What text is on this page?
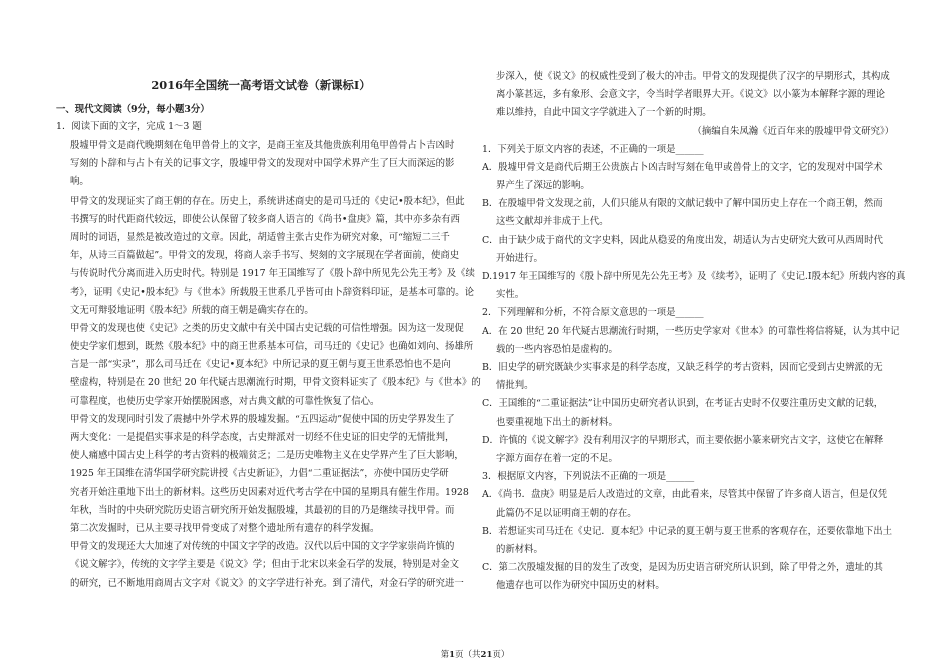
2016年全国统一高考语文试卷（新课标Ⅰ）
一、现代文阅读（9分，每小题3分）
1．阅读下面的文字，完成 1～3 题
殷墟甲骨文是商代晚期刻在龟甲兽骨上的文字，是商王室及其他贵族利用龟甲兽骨占卜吉凶时
写刻的卜辞和与占卜有关的记事文字，殷墟甲骨文的发现对中国学术界产生了巨大而深远的影
响。
甲骨文的发现证实了商王朝的存在。历史上，系统讲述商史的是司马迁的《史记•殷本纪》，但此
书撰写的时代距商代较远，即使公认保留了较多商人语言的《尚书•盘庚》篇，其中亦多杂有西
周时的词语，显然是被改造过的文章。因此，胡适曾主张古史作为研究对象，可“缩短二三千
年，从诗三百篇做起”。甲骨文的发现，将商人亲手书写、契刻的文字展现在学者面前，使商史
与传说时代分离而进入历史时代。特别是 1917 年王国维写了《殷卜辞中所见先公先王考》及《续
考》，证明《史记•殷本纪》与《世本》所载殷王世系几乎皆可由卜辞资料印证，是基本可靠的。论
文无可辩驳地证明《殷本纪》所载的商王朝是确实存在的。
甲骨文的发现也使《史记》之类的历史文献中有关中国古史记载的可信性增强。因为这一发现促
使史学家们想到，既然《殷本纪》中的商王世系基本可信，司马迁的《史记》也确如刘向、扬雄所
言是一部“实录”，那么司马迁在《史记•夏本纪》中所记录的夏王朝与夏王世系恐怕也不是向
壁虚构，特别是在 20 世纪 20 年代疑古思潮流行时期，甲骨文资料证实了《殷本纪》与《世本》的
可靠程度，也使历史学家开始摆脱困惑，对古典文献的可靠性恢复了信心。
甲骨文的发现同时引发了震撼中外学术界的殷墟发掘。“五四运动”促使中国的历史学界发生了
两大变化：一是提倡实事求是的科学态度，古史辩派对一切经不住史证的旧史学的无情批判，
使人痛感中国古史上科学的考古资料的极端贫乏；二是历史唯物主义在史学界产生了巨大影响，
1925 年王国维在清华国学研究院讲授《古史新证》，力倡“二重证据法”，亦使中国历史学研
究者开始注重地下出土的新材料。这些历史因素对近代考古学在中国的星期具有催生作用。1928
年秋，当时的中央研究院历史语言研究所开始发掘殷墟，其最初的目的乃是继续寻找甲骨。而
第二次发掘时，已从主要寻找甲骨变成了对整个遗址所有遗存的科学发掘。
甲骨文的发现还大大加速了对传统的中国文字学的改造。汉代以后中国的文字学家崇尚许慎的
《说文解字》，传统的文字学主要是《说文》学；但由于北宋以来金石学的发展，特别是对金文
的研究，已不断地用商周古文字对《说文》的文字学进行补充。到了清代，对金石学的研究进一
步深入，使《说文》的权威性受到了极大的冲击。甲骨文的发现提供了汉字的早期形式，其构成
离小篆甚远，多有象形、会意文字，令当时学者眼界大开。《说文》以小篆为本解释字源的理论
难以维持，自此中国文字学就进入了一个新的时期。
（摘编自朱凤瀚《近百年来的殷墟甲骨文研究》）
1．下列关于原文内容的表述，不正确的一项是______
A．殷墟甲骨文是商代后期王公贵族占卜凶吉时写刻在龟甲或兽骨上的文字，它的发现对中国学术
界产生了深远的影响。
B．在殷墟甲骨文发现之前，人们只能从有限的文献记载中了解中国历史上存在一个商王朝，然而
这些文献却并非成于上代。
C．由于缺少成于商代的文字史料，因此从稳妥的角度出发，胡适认为古史研究大致可从西周时代
开始进行。
D.1917 年王国维写的《殷卜辞中所见先公先王考》及《续考》，证明了《史记.I殷本纪》所载内容的真
实性。
2．下列理解和分析，不符合原文意思的一项是______
A．在 20 世纪 20 年代疑古思潮流行时期，一些历史学家对《世本》的可靠性将信将疑，认为其中记
载的一些内容恐怕是虚构的。
B．旧史学的研究既缺少实事求是的科学态度，又缺乏科学的考古资料，因而它受到古史辨派的无
情批判。
C．王国维的“二重证据法”让中国历史研究者认识到，在考证古史时不仅要注重历史文献的记载，
也要重视地下出土的新材料。
D．许慎的《说文解字》没有利用汉字的早期形式，而主要依据小篆来研究古文字，这使它在解释
字源方面存在着一定的不足。
3．根据原文内容，下列说法不正确的一项是______
A．《尚书．盘庚》明显是后人改造过的文章，由此看来，尽管其中保留了许多商人语言，但是仅凭
此篇仍不足以证明商王朝的存在。
B．若想证实司马迁在《史记．夏本纪》中记录的夏王朝与夏王世系的客观存在，还要依靠地下出土
的新材料。
C．第二次殷墟发掘的目的发生了改变，是因为历史语言研究所认识到，除了甲骨之外，遗址的其
他遗存也可以作为研究中国历史的材料。
第1页（共21页）
